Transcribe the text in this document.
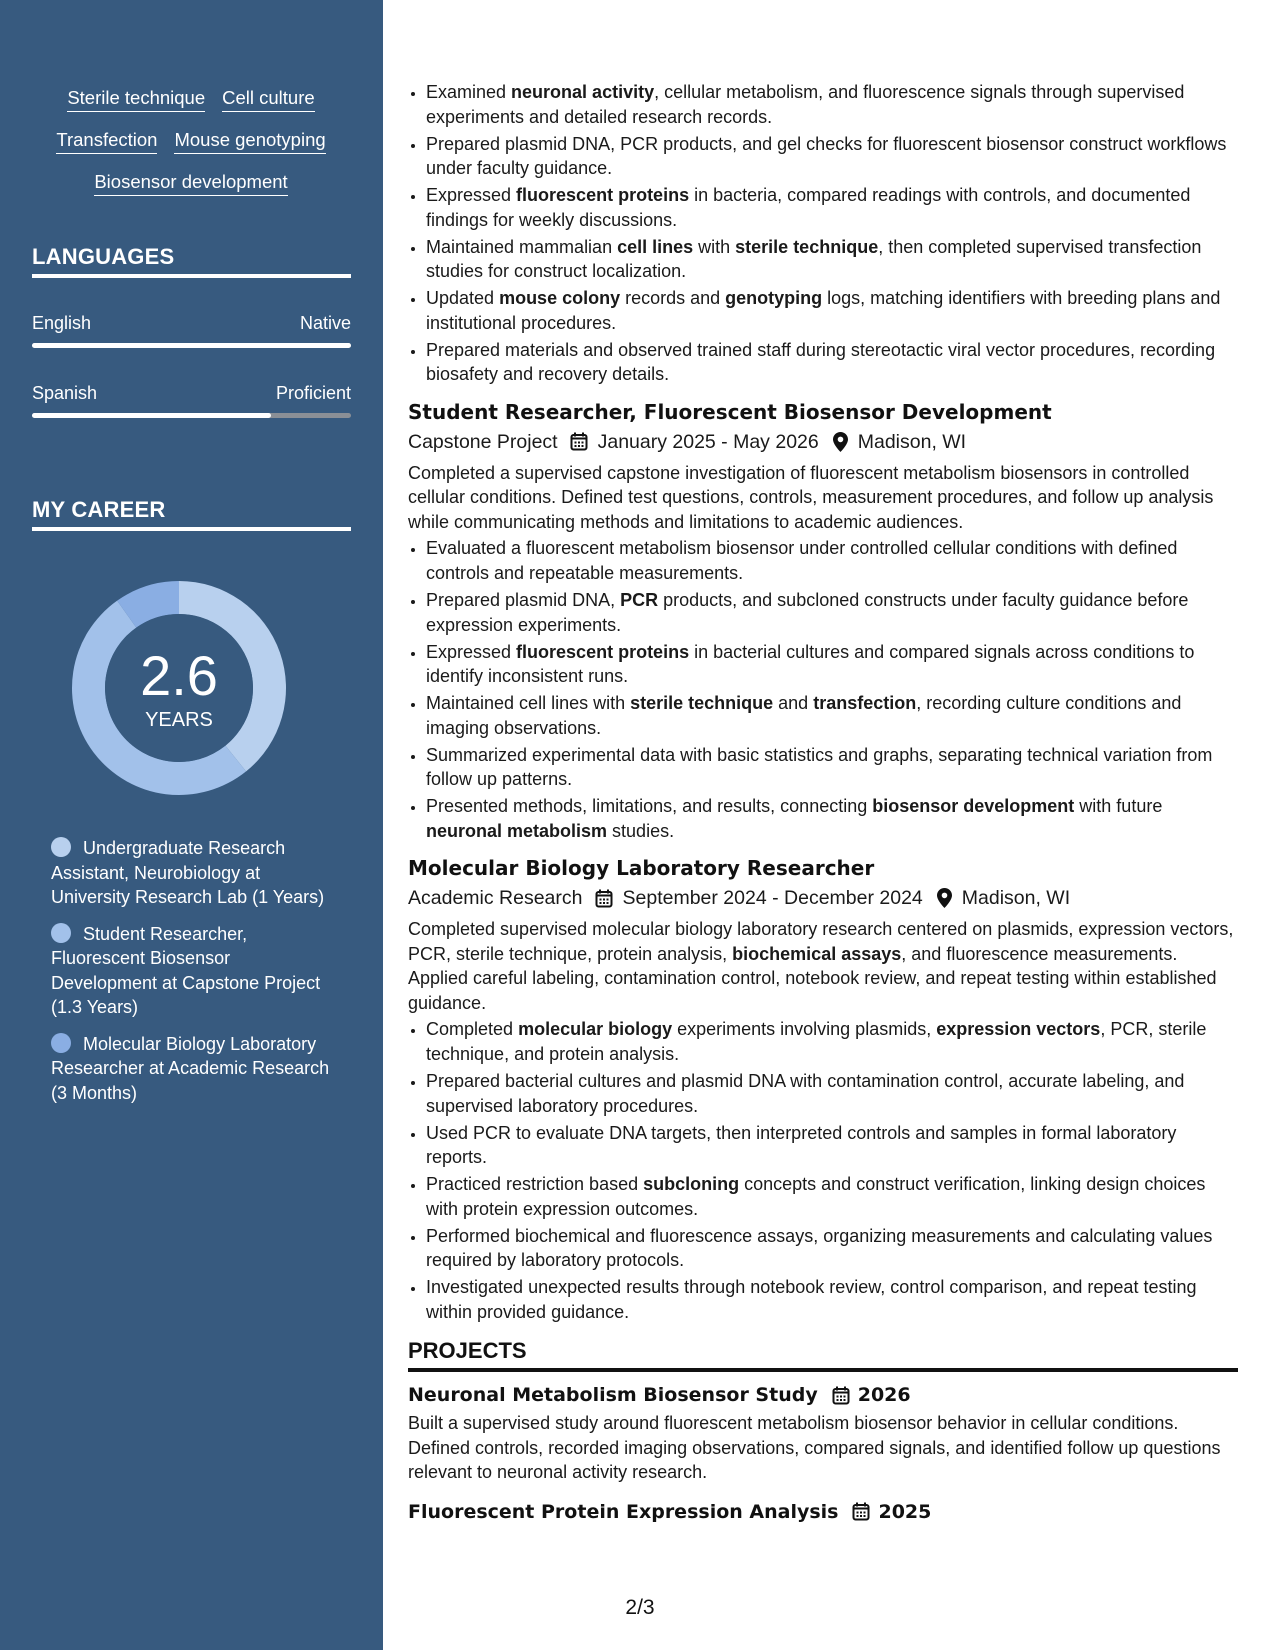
Sterile technique Cell culture
Transfection Mouse genotyping
Biosensor development
LANGUAGES
English	Native
Spanish	Proficient
MY CAREER
2.6
YEARS
Undergraduate Research Assistant, Neurobiology at University Research Lab (1 Years)
Student Researcher, Fluorescent Biosensor Development at Capstone Project (1.3 Years)
Molecular Biology Laboratory Researcher at Academic Research (3 Months)
• Examined neuronal activity, cellular metabolism, and fluorescence signals through supervised experiments and detailed research records.
• Prepared plasmid DNA, PCR products, and gel checks for fluorescent biosensor construct workflows under faculty guidance.
• Expressed fluorescent proteins in bacteria, compared readings with controls, and documented findings for weekly discussions.
• Maintained mammalian cell lines with sterile technique, then completed supervised transfection studies for construct localization.
• Updated mouse colony records and genotyping logs, matching identifiers with breeding plans and institutional procedures.
• Prepared materials and observed trained staff during stereotactic viral vector procedures, recording biosafety and recovery details.
Student Researcher, Fluorescent Biosensor Development
Capstone Project January 2025 - May 2026 Madison, WI
Completed a supervised capstone investigation of fluorescent metabolism biosensors in controlled cellular conditions. Defined test questions, controls, measurement procedures, and follow up analysis while communicating methods and limitations to academic audiences.
• Evaluated a fluorescent metabolism biosensor under controlled cellular conditions with defined controls and repeatable measurements.
• Prepared plasmid DNA, PCR products, and subcloned constructs under faculty guidance before expression experiments.
• Expressed fluorescent proteins in bacterial cultures and compared signals across conditions to identify inconsistent runs.
• Maintained cell lines with sterile technique and transfection, recording culture conditions and imaging observations.
• Summarized experimental data with basic statistics and graphs, separating technical variation from follow up patterns.
• Presented methods, limitations, and results, connecting biosensor development with future neuronal metabolism studies.
Molecular Biology Laboratory Researcher
Academic Research September 2024 - December 2024 Madison, WI
Completed supervised molecular biology laboratory research centered on plasmids, expression vectors, PCR, sterile technique, protein analysis, biochemical assays, and fluorescence measurements. Applied careful labeling, contamination control, notebook review, and repeat testing within established guidance.
• Completed molecular biology experiments involving plasmids, expression vectors, PCR, sterile technique, and protein analysis.
• Prepared bacterial cultures and plasmid DNA with contamination control, accurate labeling, and supervised laboratory procedures.
• Used PCR to evaluate DNA targets, then interpreted controls and samples in formal laboratory reports.
• Practiced restriction based subcloning concepts and construct verification, linking design choices with protein expression outcomes.
• Performed biochemical and fluorescence assays, organizing measurements and calculating values required by laboratory protocols.
• Investigated unexpected results through notebook review, control comparison, and repeat testing within provided guidance.
PROJECTS
Neuronal Metabolism Biosensor Study 2026
Built a supervised study around fluorescent metabolism biosensor behavior in cellular conditions. Defined controls, recorded imaging observations, compared signals, and identified follow up questions relevant to neuronal activity research.
Fluorescent Protein Expression Analysis 2025
2/3
